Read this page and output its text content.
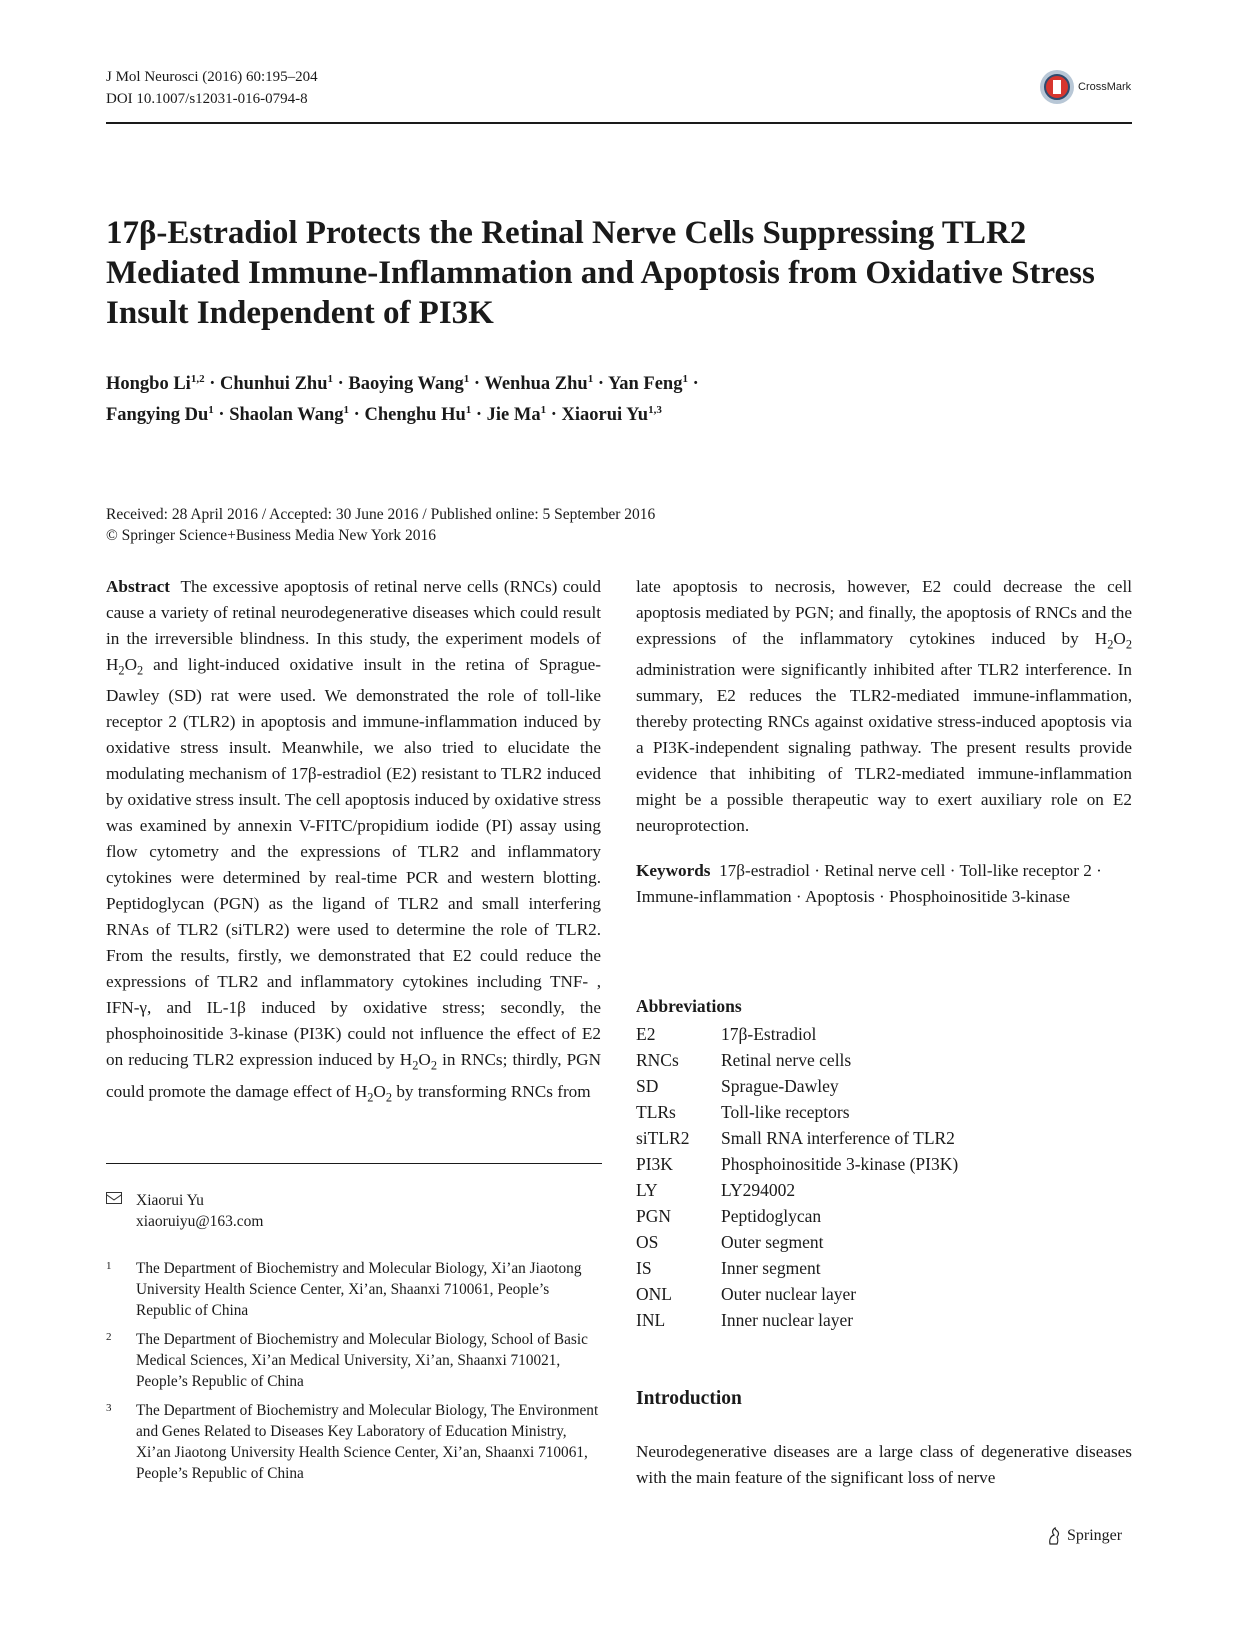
J Mol Neurosci (2016) 60:195–204
DOI 10.1007/s12031-016-0794-8
CrossMark
17β-Estradiol Protects the Retinal Nerve Cells Suppressing TLR2 Mediated Immune-Inflammation and Apoptosis from Oxidative Stress Insult Independent of PI3K
Hongbo Li$^{1,2}$ · Chunhui Zhu$^1$ · Baoying Wang$^1$ · Wenhua Zhu$^1$ · Yan Feng$^1$ ·
Fangying $Du^1$ · Shaolan Wang$^1$ · Chenghu $Hu^1$ · Jie $Ma^1$ · Xiaorui Yu$^{1,3}$
Received: 28 April 2016 / Accepted: 30 June 2016 / Published online: 5 September 2016
© Springer Science+Business Media New York 2016
Abstract The excessive apoptosis of retinal nerve cells (RNCs) could cause a variety of retinal neurodegenerative diseases which could result in the irreversible blindness. In this study, the experiment models of $H_2O_2$ and light-induced oxidative insult in the retina of Sprague-Dawley (SD) rat were used. We demonstrated the role of toll-like receptor 2 (TLR2) in apoptosis and immune-inflammation induced by oxidative stress insult. Meanwhile, we also tried to elucidate the modulating mechanism of 17β-estradiol (E2) resistant to TLR2 induced by oxidative stress insult. The cell apoptosis induced by oxidative stress was examined by annexin V-FITC/propidium iodide (PI) assay using flow cytometry and the expressions of TLR2 and inflammatory cytokines were determined by real-time PCR and western blotting. Peptidoglycan (PGN) as the ligand of TLR2 and small interfering RNAs of TLR2 (siTLR2) were used to determine the role of TLR2. From the results, firstly, we demonstrated that E2 could reduce the expressions of TLR2 and inflammatory cytokines including TNF- , IFN-γ, and IL-1β induced by oxidative stress; secondly, the phosphoinositide 3-kinase (PI3K) could not influence the effect of E2 on reducing TLR2 expression induced by $H_2O_2$ in RNCs; thirdly, PGN could promote the damage effect of $H_2O_2$ by transforming RNCs from
Xiaorui Yu
xiaoruiyu@163.com
1 The Department of Biochemistry and Molecular Biology, Xi’an Jiaotong University Health Science Center, Xi’an, Shaanxi 710061, People’s Republic of China
2 The Department of Biochemistry and Molecular Biology, School of Basic Medical Sciences, Xi’an Medical University, Xi’an, Shaanxi 710021, People’s Republic of China
3 The Department of Biochemistry and Molecular Biology, The Environment and Genes Related to Diseases Key Laboratory of Education Ministry, Xi’an Jiaotong University Health Science Center, Xi’an, Shaanxi 710061, People’s Republic of China
late apoptosis to necrosis, however, E2 could decrease the cell apoptosis mediated by PGN; and finally, the apoptosis of RNCs and the expressions of the inflammatory cytokines induced by $H_2O_2$ administration were significantly inhibited after TLR2 interference. In summary, E2 reduces the TLR2-mediated immune-inflammation, thereby protecting RNCs against oxidative stress-induced apoptosis via a PI3K-independent signaling pathway. The present results provide evidence that inhibiting of TLR2-mediated immune-inflammation might be a possible therapeutic way to exert auxiliary role on E2 neuroprotection.
Keywords 17β-estradiol · Retinal nerve cell · Toll-like receptor 2 · Immune-inflammation · Apoptosis · Phosphoinositide 3-kinase
Abbreviations
E2	17β-Estradiol
RNCs	Retinal nerve cells
SD	Sprague-Dawley
TLRs	Toll-like receptors
siTLR2	Small RNA interference of TLR2
PI3K	Phosphoinositide 3-kinase (PI3K)
LY	LY294002
PGN	Peptidoglycan
OS	Outer segment
IS	Inner segment
ONL	Outer nuclear layer
INL	Inner nuclear layer
Introduction
Neurodegenerative diseases are a large class of degenerative diseases with the main feature of the significant loss of nerve
Springer
